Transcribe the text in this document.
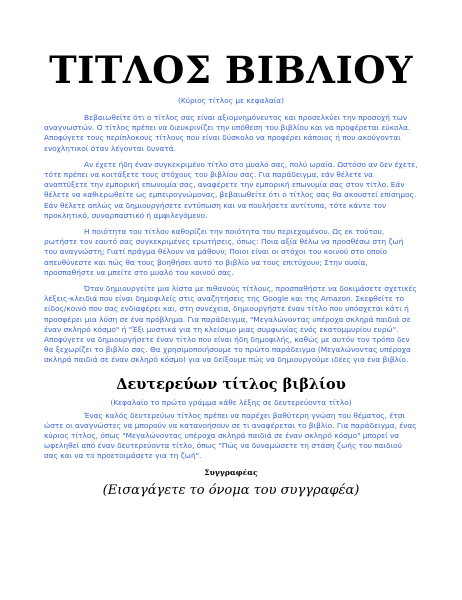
ΤΙΤΛΟΣ ΒΙΒΛΙΟΥ
(Κύριος τίτλος με κεφαλαία)

Βεβαιωθείτε ότι ο τίτλος σας είναι αξιομνημόνευτος και προσελκύει την προσοχή των αναγνωστών. Ο τίτλος πρέπει να διευκρινίζει την υπόθεση του βιβλίου και να προφέρεται εύκολα. Αποφύγετε τους περίπλοκους τίτλους που είναι δύσκολο να προφέρει κάποιος ή που ακούγονται ενοχλητικοί όταν λέγονται δυνατά.

Αν έχετε ήδη έναν συγκεκριμένο τίτλο στο μυαλό σας, πολύ ωραία. Ωστόσο αν δεν έχετε, τότε πρέπει να κοιτάξετε τους στόχους του βιβλίου σας. Για παράδειγμα, εάν θέλετε να αναπτύξετε την εμπορική επωνυμία σας, αναφέρετε την εμπορική επωνυμία σας στον τίτλο. Εάν θέλετε να καθιερωθείτε ως εμπειρογνώμονας, βεβαιωθείτε ότι ο τίτλος σας θα ακουστεί επίσημος. Εάν θέλετε απλώς να δημιουργήσετε εντύπωση και να πουλήσετε αντίτυπα, τότε κάντε τον προκλητικό, συναρπαστικό ή αμφιλεγόμενο.

Η ποιότητα του τίτλου καθορίζει την ποιότητα του περιεχομένου. Ως εκ τούτου, ρωτήστε τον εαυτό σας συγκεκριμένες ερωτήσεις, όπως: Ποια αξία θέλω να προσθέσω στη ζωή του αναγνώστη; Γιατί πράγμα θέλουν να μάθουν; Ποιοι είναι οι στόχοι του κοινού στο οποίο απευθύνεστε και πώς θα τους βοηθήσει αυτό το βιβλίο να τους επιτύχουν; Στην ουσία, προσπαθήστε να μπείτε στο μυαλό του κοινού σας.

Όταν δημιουργείτε μια λίστα με πιθανούς τίτλους, προσπαθήστε να δοκιμάσετε σχετικές λέξεις-κλειδιά που είναι δημοφιλείς στις αναζητήσεις της Google και της Amazon. Σκεφθείτε το είδος/κοινό που σας ενδιαφέρει και, στη συνέχεια, δημιουργήστε έναν τίτλο που υπόσχεται κάτι ή προσφέρει μια λύση σε ένα πρόβλημα. Για παράδειγμα, "Μεγαλώνοντας υπέροχα σκληρά παιδιά σε έναν σκληρό κόσμο" ή "Έξι μυστικά για τη κλείσιμο μιας συμφωνίας ενός εκατομμυρίου ευρώ". Αποφύγετε να δημιουργήσετε έναν τίτλο που είναι ήδη δημοφιλής, καθώς με αυτόν τον τρόπο δεν θα ξεχωρίζει το βιβλίο σας. Θα χρησιμοποιήσουμε το πρώτο παράδειγμα (Μεγαλώνοντας υπέροχα σκληρά παιδιά σε έναν σκληρό κόσμο) για να δείξουμε πώς να δημιουργούμε ιδέες για ένα βιβλίο.

Δευτερεύων τίτλος βιβλίου
(Κεφαλαίο το πρώτο γράμμα κάθε λέξης σε δευτερεύοντα τίτλο)

Ένας καλός δευτερεύων τίτλος πρέπει να παρέχει βαθύτερη γνώση του θέματος, έτσι ώστε οι αναγνώστες να μπορούν να κατανοήσουν σε τι αναφέρεται το βιβλίο. Για παράδειγμα, ένας κύριος τίτλος, όπως "Μεγαλώνοντας υπέροχα σκληρά παιδιά σε έναν σκληρό κόσμο" μπορεί να ωφεληθεί από έναν δευτερεύοντα τίτλο, όπως "Πώς να δυναμώσετε τη στάση ζωής του παιδιού σας και να το προετοιμάσετε για τη ζωή".

Συγγραφέας
(Εισαγάγετε το όνομα του συγγραφέα)
